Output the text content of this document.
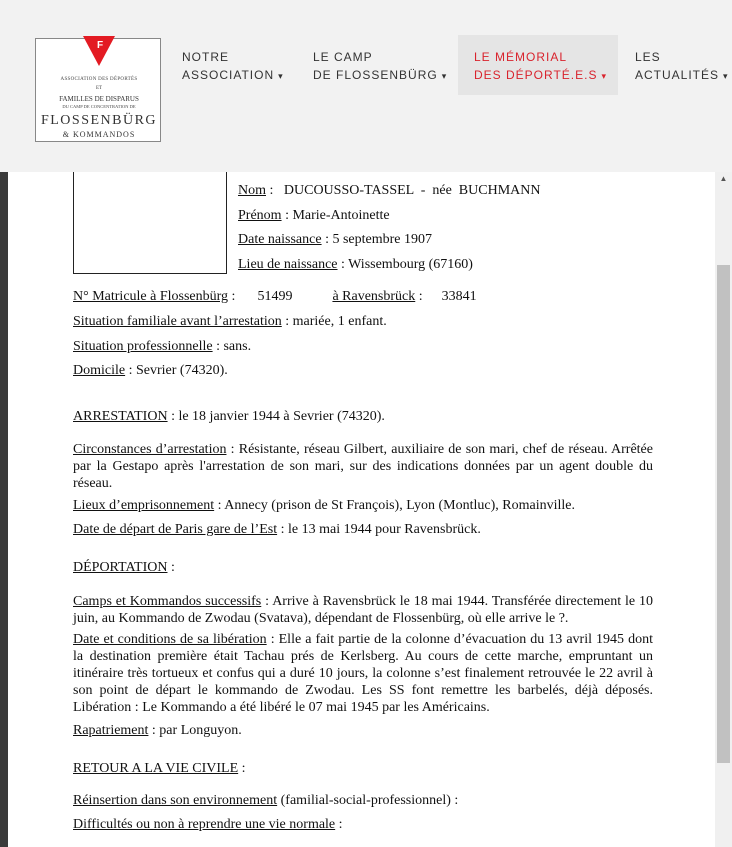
F
ASSOCIATION DES DÉPORTÉS
ET
FAMILLES DE DISPARUS
DU CAMP DE CONCENTRATION DE
FLOSSENBÜRG
& KOMMANDOS
NOTRE
ASSOCIATION ▾
LE CAMP
DE FLOSSENBÜRG ▾
LE MÉMORIAL
DES DÉPORTÉ.E.S ▾
LES
ACTUALITÉS ▾
Nom : DUCOUSSO-TASSEL  -  née  BUCHMANN
Prénom : Marie-Antoinette
Date naissance : 5 septembre 1907
Lieu de naissance : Wissembourg (67160)
N° Matricule à Flossenbürg : 51499	à Ravensbrück : 33841
Situation familiale avant l’arrestation : mariée, 1 enfant.
Situation professionnelle : sans.
Domicile : Sevrier (74320).
ARRESTATION : le 18 janvier 1944 à Sevrier (74320).
Circonstances d’arrestation : Résistante, réseau Gilbert, auxiliaire de son mari, chef de réseau. Arrêtée par la Gestapo après l'arrestation de son mari, sur des indications données par un agent double du réseau.
Lieux d’emprisonnement : Annecy (prison de St François), Lyon (Montluc), Romainville.
Date de départ de Paris gare de l’Est : le 13 mai 1944 pour Ravensbrück.
DÉPORTATION :
Camps et Kommandos successifs : Arrive à Ravensbrück le 18 mai 1944. Transférée directement le 10 juin, au Kommando de Zwodau (Svatava), dépendant de Flossenbürg, où elle arrive le ?.
Date et conditions de sa libération : Elle a fait partie de la colonne d’évacuation du 13 avril 1945 dont la destination première était Tachau prés de Kerlsberg. Au cours de cette marche, empruntant un itinéraire très tortueux et confus qui a duré 10 jours, la colonne s’est finalement retrouvée le 22 avril à son point de départ le kommando de Zwodau. Les SS font remettre les barbelés, déjà déposés. Libération : Le Kommando a été libéré le 07 mai 1945 par les Américains.
Rapatriement : par Longuyon.
RETOUR A LA VIE CIVILE :
Réinsertion dans son environnement (familial-social-professionnel) :
Difficultés ou non à reprendre une vie normale :
▲
